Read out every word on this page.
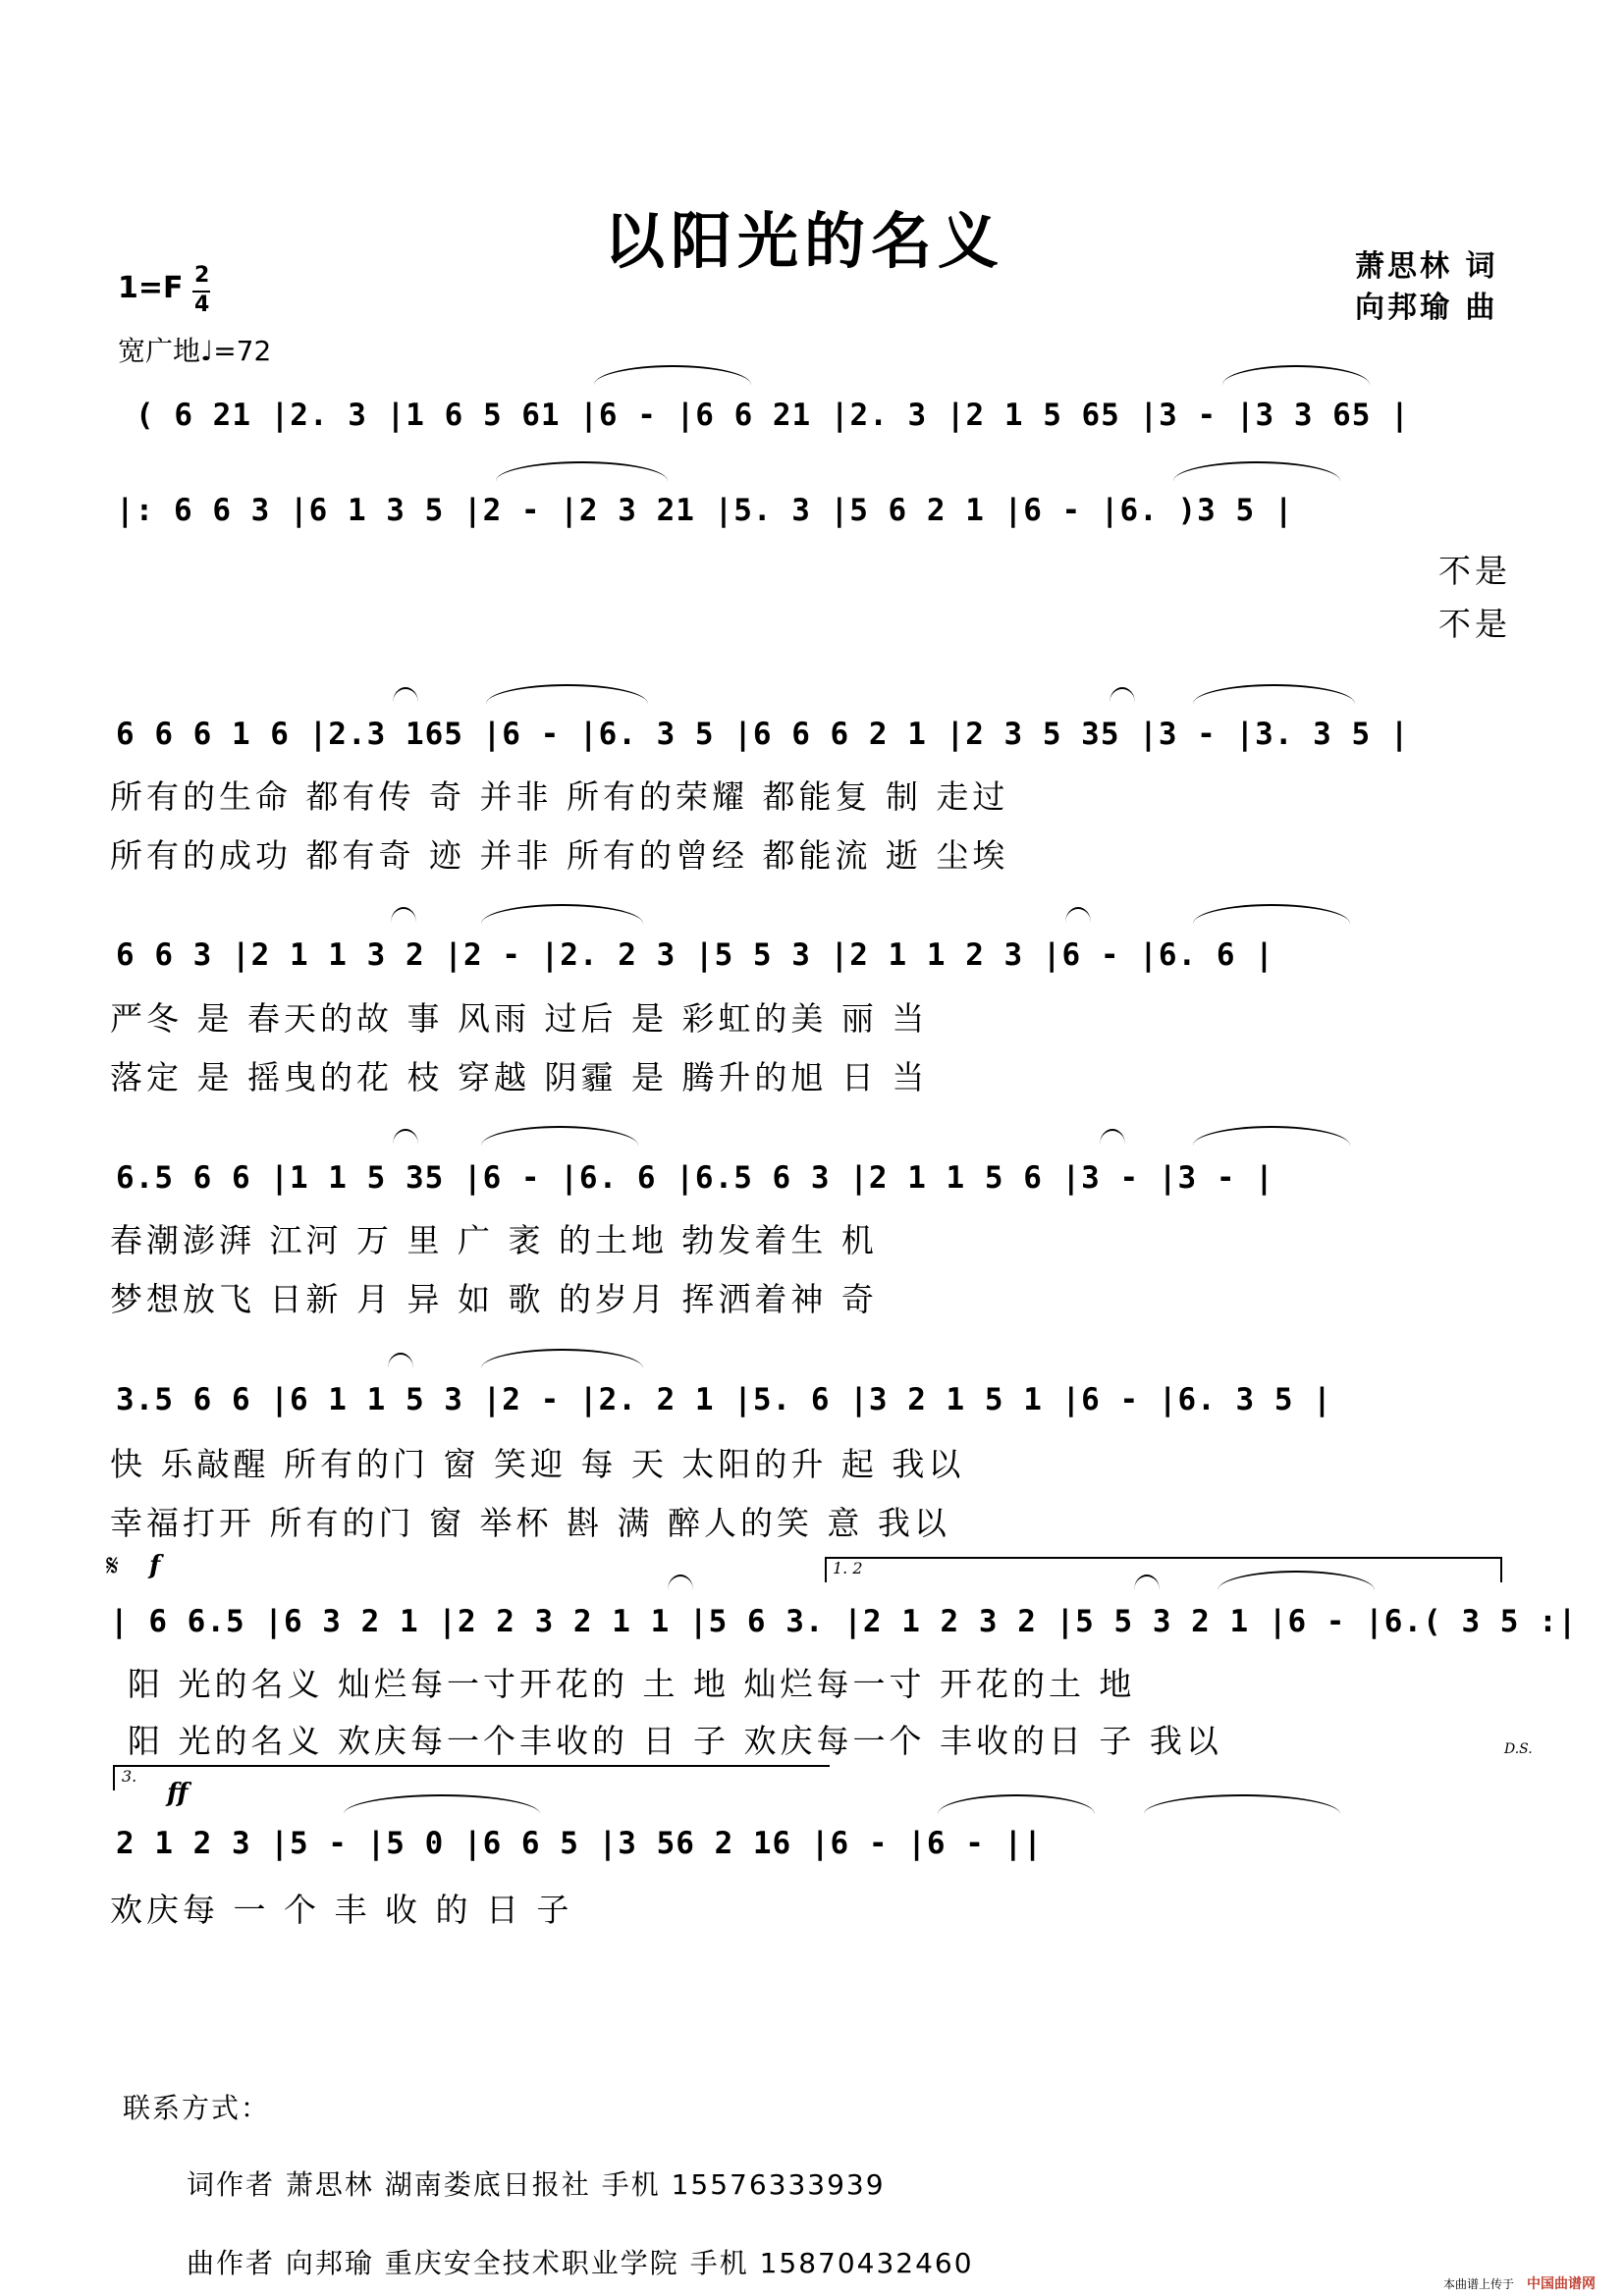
以阳光的名义	萧思林 词
向邦瑜 曲
1=F 2
4
宽广地♩=72
( 6 21 |2. 3 |1 6 5 61 |6 - |6 6 21 |2. 3 |2 1 5 65 |3 - |3 3 65 |
|: 6 6 3 |6 1 3 5 |2 - |2 3 21 |5. 3 |5 6 2 1 |6 - |6. )3 5 |
不是
不是
6 6 6 1 6 |2.3 165 |6 - |6. 3 5 |6 6 6 2 1 |2 3 5 35 |3 - |3. 3 5 |
所有的生命 都有传 奇 并非 所有的荣耀 都能复 制 走过
所有的成功 都有奇 迹 并非 所有的曾经 都能流 逝 尘埃
6 6 3 |2 1 1 3 2 |2 - |2. 2 3 |5 5 3 |2 1 1 2 3 |6 - |6. 6 |
严冬 是 春天的故 事 风雨 过后 是 彩虹的美 丽 当
落定 是 摇曳的花 枝 穿越 阴霾 是 腾升的旭 日 当
6.5 6 6 |1 1 5 35 |6 - |6. 6 |6.5 6 3 |2 1 1 5 6 |3 - |3 - |
春潮澎湃 江河 万 里 广 袤 的土地 勃发着生 机
梦想放飞 日新 月 异 如 歌 的岁月 挥洒着神 奇
3.5 6 6 |6 1 1 5 3 |2 - |2. 2 1 |5. 6 |3 2 1 5 1 |6 - |6. 3 5 |
快 乐敲醒 所有的门 窗 笑迎 每 天 太阳的升 起 我以
幸福打开 所有的门 窗 举杯 斟 满 醉人的笑 意 我以
𝄋 f	1. 2
| 6 6.5 |6 3 2 1 |2 2 3 2 1 1 |5 6 3. |2 1 2 3 2 |5 5 3 2 1 |6 - |6.( 3 5 :|
阳 光的名义 灿烂每一寸开花的 土 地 灿烂每一寸 开花的土 地
阳 光的名义 欢庆每一个丰收的 日 子 欢庆每一个 丰收的日 子 我以	D.S.
3.
ff
2 1 2 3 |5 - |5 0 |6 6 5 |3 56 2 16 |6 - |6 - ||
欢庆每 一 个 丰 收 的 日 子
联系方式：
词作者 萧思林 湖南娄底日报社 手机 15576333939
曲作者 向邦瑜 重庆安全技术职业学院 手机 15870432460
本曲谱上传于 中国曲谱网
